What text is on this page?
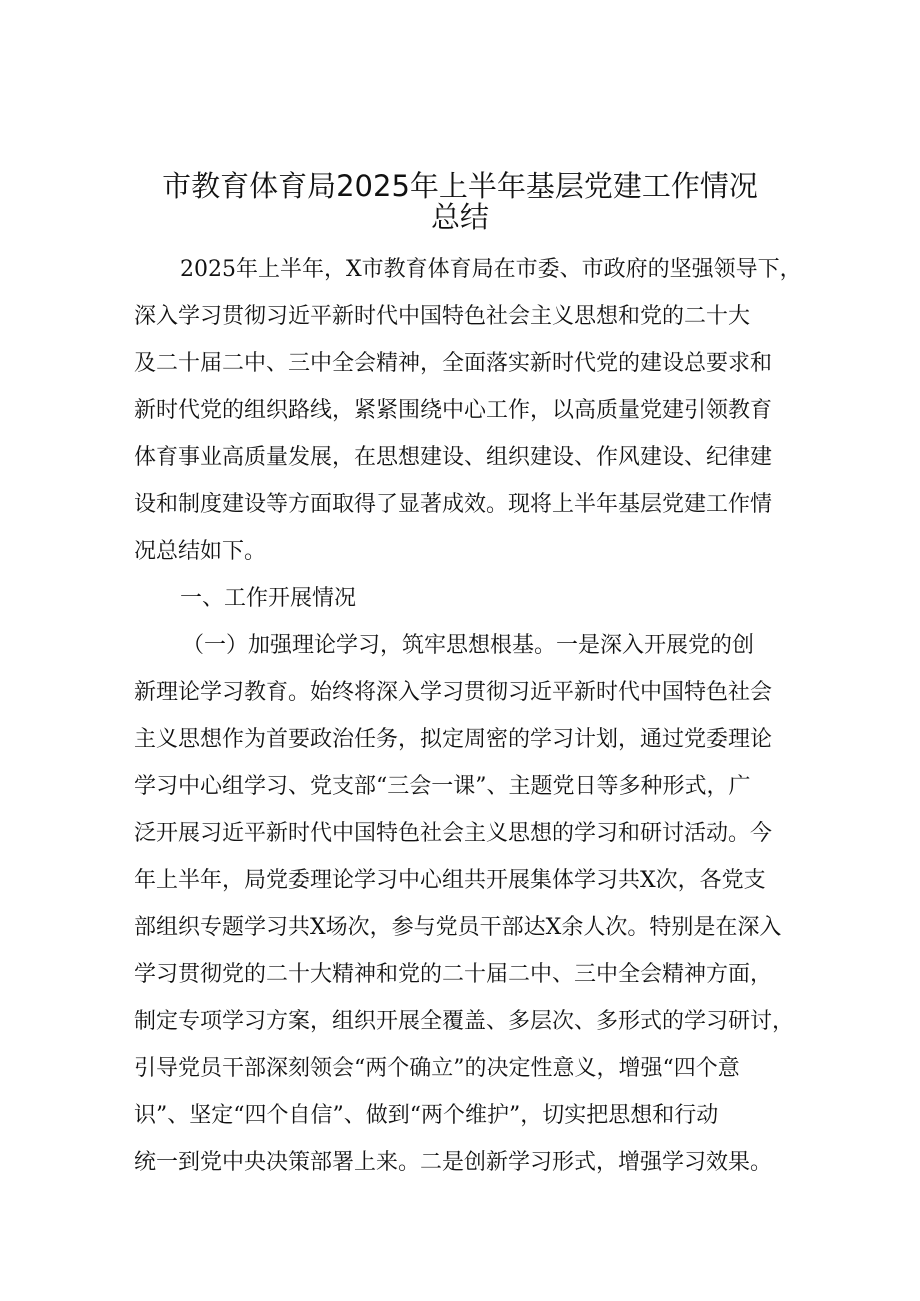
市教育体育局2025年上半年基层党建工作情况
总结
2025年上半年，X市教育体育局在市委、市政府的坚强领导下，
深入学习贯彻习近平新时代中国特色社会主义思想和党的二十大
及二十届二中、三中全会精神，全面落实新时代党的建设总要求和
新时代党的组织路线，紧紧围绕中心工作，以高质量党建引领教育
体育事业高质量发展，在思想建设、组织建设、作风建设、纪律建
设和制度建设等方面取得了显著成效。现将上半年基层党建工作情
况总结如下。
一、工作开展情况
（一）加强理论学习，筑牢思想根基。一是深入开展党的创
新理论学习教育。始终将深入学习贯彻习近平新时代中国特色社会
主义思想作为首要政治任务，拟定周密的学习计划，通过党委理论
学习中心组学习、党支部“三会一课”、主题党日等多种形式，广
泛开展习近平新时代中国特色社会主义思想的学习和研讨活动。今
年上半年，局党委理论学习中心组共开展集体学习共X次，各党支
部组织专题学习共X场次，参与党员干部达X余人次。特别是在深入
学习贯彻党的二十大精神和党的二十届二中、三中全会精神方面，
制定专项学习方案，组织开展全覆盖、多层次、多形式的学习研讨，
引导党员干部深刻领会“两个确立”的决定性意义，增强“四个意
识”、坚定“四个自信”、做到“两个维护”，切实把思想和行动
统一到党中央决策部署上来。二是创新学习形式，增强学习效果。
